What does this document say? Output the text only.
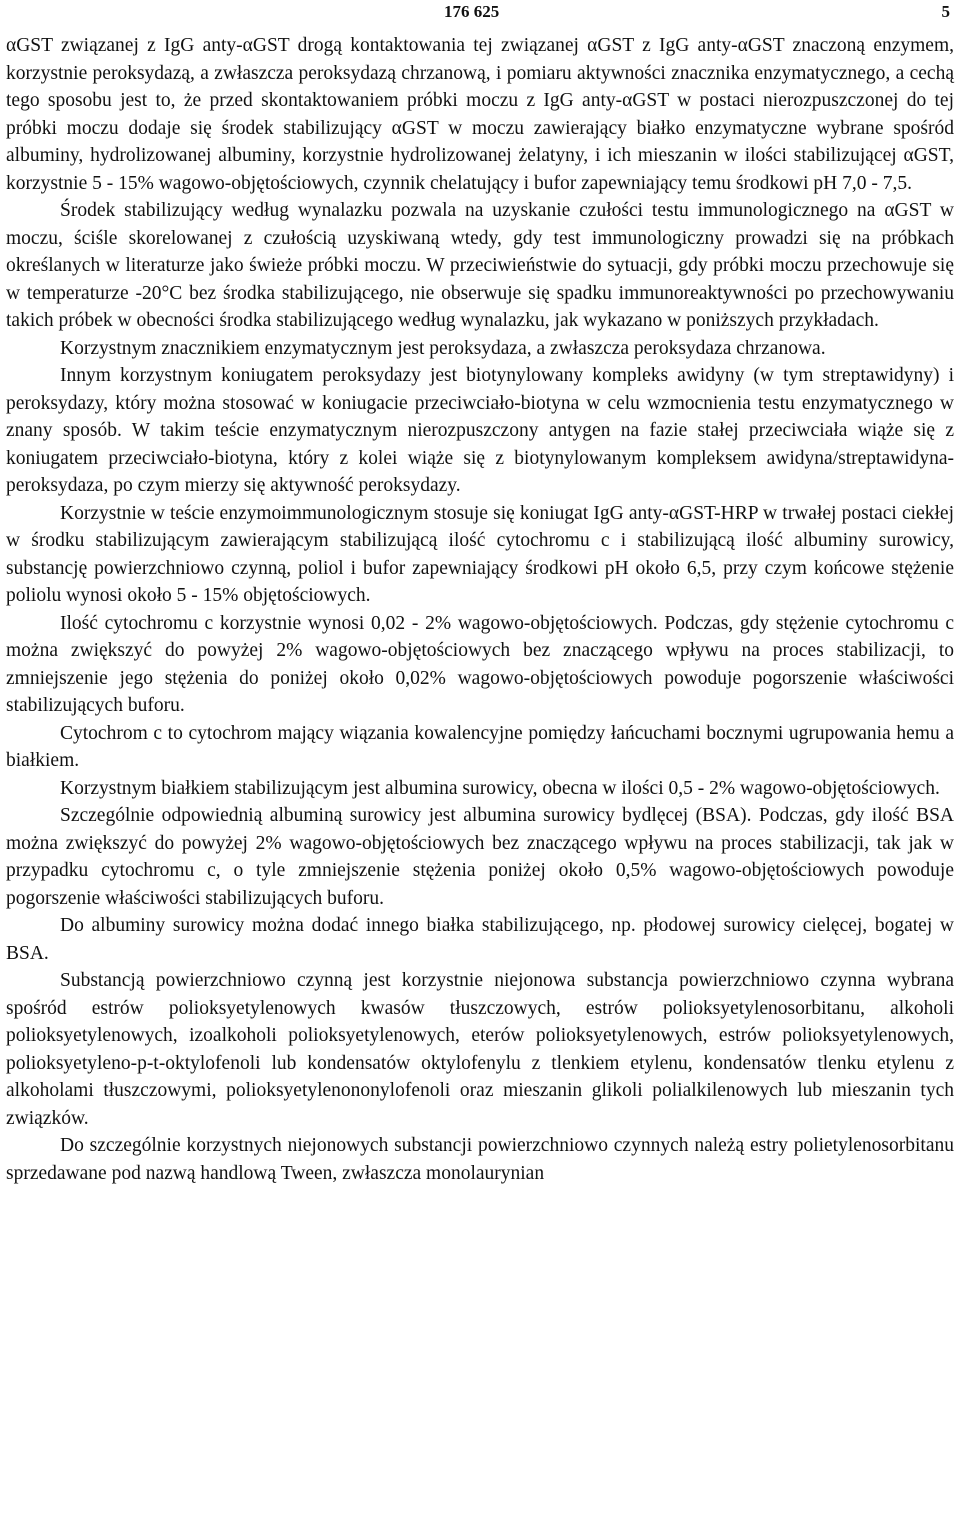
176 625	5

αGST związanej z IgG anty-αGST drogą kontaktowania tej związanej αGST z IgG anty-αGST znaczoną enzymem, korzystnie peroksydazą, a zwłaszcza peroksydazą chrzanową, i pomiaru aktywności znacznika enzymatycznego, a cechą tego sposobu jest to, że przed skontaktowaniem próbki moczu z IgG anty-αGST w postaci nierozpuszczonej do tej próbki moczu dodaje się środek stabilizujący αGST w moczu zawierający białko enzymatyczne wybrane spośród albuminy, hydrolizowanej albuminy, korzystnie hydrolizowanej żelatyny, i ich mieszanin w ilości stabilizującej αGST, korzystnie 5 - 15% wagowo-objętościowych, czynnik chelatujący i bufor zapewniający temu środkowi pH 7,0 - 7,5.

Środek stabilizujący według wynalazku pozwala na uzyskanie czułości testu immunologicznego na αGST w moczu, ściśle skorelowanej z czułością uzyskiwaną wtedy, gdy test immunologiczny prowadzi się na próbkach określanych w literaturze jako świeże próbki moczu. W przeciwieństwie do sytuacji, gdy próbki moczu przechowuje się w temperaturze -20°C bez środka stabilizującego, nie obserwuje się spadku immunoreaktywności po przechowywaniu takich próbek w obecności środka stabilizującego według wynalazku, jak wykazano w poniższych przykładach.

Korzystnym znacznikiem enzymatycznym jest peroksydaza, a zwłaszcza peroksydaza chrzanowa.

Innym korzystnym koniugatem peroksydazy jest biotynylowany kompleks awidyny (w tym streptawidyny) i peroksydazy, który można stosować w koniugacie przeciwciało-biotyna w celu wzmocnienia testu enzymatycznego w znany sposób. W takim teście enzymatycznym nierozpuszczony antygen na fazie stałej przeciwciała wiąże się z koniugatem przeciwciało-biotyna, który z kolei wiąże się z biotynylowanym kompleksem awidyna/streptawidyna-peroksydaza, po czym mierzy się aktywność peroksydazy.

Korzystnie w teście enzymoimmunologicznym stosuje się koniugat IgG anty-αGST-HRP w trwałej postaci ciekłej w środku stabilizującym zawierającym stabilizującą ilość cytochromu c i stabilizującą ilość albuminy surowicy, substancję powierzchniowo czynną, poliol i bufor zapewniający środkowi pH około 6,5, przy czym końcowe stężenie poliolu wynosi około 5 - 15% objętościowych.

Ilość cytochromu c korzystnie wynosi 0,02 - 2% wagowo-objętościowych. Podczas, gdy stężenie cytochromu c można zwiększyć do powyżej 2% wagowo-objętościowych bez znaczącego wpływu na proces stabilizacji, to zmniejszenie jego stężenia do poniżej około 0,02% wagowo-objętościowych powoduje pogorszenie właściwości stabilizujących buforu.

Cytochrom c to cytochrom mający wiązania kowalencyjne pomiędzy łańcuchami bocznymi ugrupowania hemu a białkiem.

Korzystnym białkiem stabilizującym jest albumina surowicy, obecna w ilości 0,5 - 2% wagowo-objętościowych.

Szczególnie odpowiednią albuminą surowicy jest albumina surowicy bydlęcej (BSA). Podczas, gdy ilość BSA można zwiększyć do powyżej 2% wagowo-objętościowych bez znaczącego wpływu na proces stabilizacji, tak jak w przypadku cytochromu c, o tyle zmniejszenie stężenia poniżej około 0,5% wagowo-objętościowych powoduje pogorszenie właściwości stabilizujących buforu.

Do albuminy surowicy można dodać innego białka stabilizującego, np. płodowej surowicy cielęcej, bogatej w BSA.

Substancją powierzchniowo czynną jest korzystnie niejonowa substancja powierzchniowo czynna wybrana spośród estrów polioksyetylenowych kwasów tłuszczowych, estrów polioksyetylenosorbitanu, alkoholi polioksyetylenowych, izoalkoholi polioksyetylenowych, eterów polioksyetylenowych, estrów polioksyetylenowych, polioksyetyleno-p-t-oktylofenoli lub kondensatów oktylofenylu z tlenkiem etylenu, kondensatów tlenku etylenu z alkoholami tłuszczowymi, polioksyetylenononylofenoli oraz mieszanin glikoli polialkilenowych lub mieszanin tych związków.

Do szczególnie korzystnych niejonowych substancji powierzchniowo czynnych należą estry polietylenosorbitanu sprzedawane pod nazwą handlową Tween, zwłaszcza monolaurynian
